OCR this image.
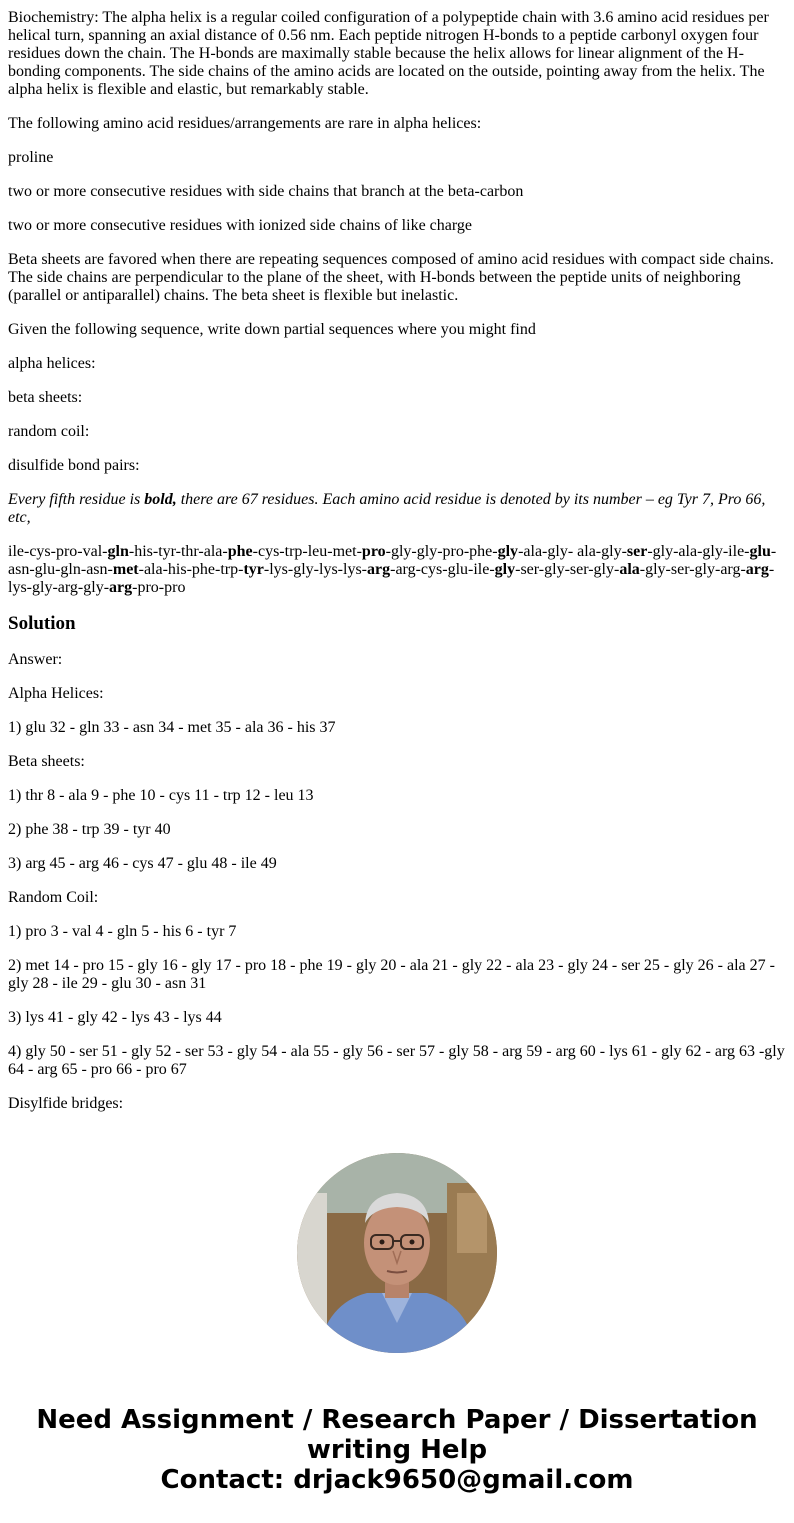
Biochemistry: The alpha helix is a regular coiled configuration of a polypeptide chain with 3.6 amino acid residues per helical turn, spanning an axial distance of 0.56 nm. Each peptide nitrogen H-bonds to a peptide carbonyl oxygen four residues down the chain. The H-bonds are maximally stable because the helix allows for linear alignment of the H-bonding components. The side chains of the amino acids are located on the outside, pointing away from the helix. The alpha helix is flexible and elastic, but remarkably stable.

The following amino acid residues/arrangements are rare in alpha helices:

proline

two or more consecutive residues with side chains that branch at the beta-carbon

two or more consecutive residues with ionized side chains of like charge

Beta sheets are favored when there are repeating sequences composed of amino acid residues with compact side chains. The side chains are perpendicular to the plane of the sheet, with H-bonds between the peptide units of neighboring (parallel or antiparallel) chains. The beta sheet is flexible but inelastic.

Given the following sequence, write down partial sequences where you might find

alpha helices:

beta sheets:

random coil:

disulfide bond pairs:

Every fifth residue is bold, there are 67 residues. Each amino acid residue is denoted by its number – eg Tyr 7, Pro 66, etc,

ile-cys-pro-val-gln-his-tyr-thr-ala-phe-cys-trp-leu-met-pro-gly-gly-pro-phe-gly-ala-gly- ala-gly-ser-gly-ala-gly-ile-glu-asn-glu-gln-asn-met-ala-his-phe-trp-tyr-lys-gly-lys-lys-arg-arg-cys-glu-ile-gly-ser-gly-ser-gly-ala-gly-ser-gly-arg-arg-lys-gly-arg-gly-arg-pro-pro

Solution

Answer:

Alpha Helices:

1) glu 32 - gln 33 - asn 34 - met 35 - ala 36 - his 37

Beta sheets:

1) thr 8 - ala 9 - phe 10 - cys 11 - trp 12 - leu 13

2) phe 38 - trp 39 - tyr 40

3) arg 45 - arg 46 - cys 47 - glu 48 - ile 49

Random Coil:

1) pro 3 - val 4 - gln 5 - his 6 - tyr 7

2) met 14 - pro 15 - gly 16 - gly 17 - pro 18 - phe 19 - gly 20 - ala 21 - gly 22 - ala 23 - gly 24 - ser 25 - gly 26 - ala 27 - gly 28 - ile 29 - glu 30 - asn 31

3) lys 41 - gly 42 - lys 43 - lys 44

4) gly 50 - ser 51 - gly 52 - ser 53 - gly 54 - ala 55 - gly 56 - ser 57 - gly 58 - arg 59 - arg 60 - lys 61 - gly 62 - arg 63 -gly 64 - arg 65 - pro 66 - pro 67

Disylfide bridges:

Need Assignment / Research Paper / Dissertation
writing Help
Contact: drjack9650@gmail.com
